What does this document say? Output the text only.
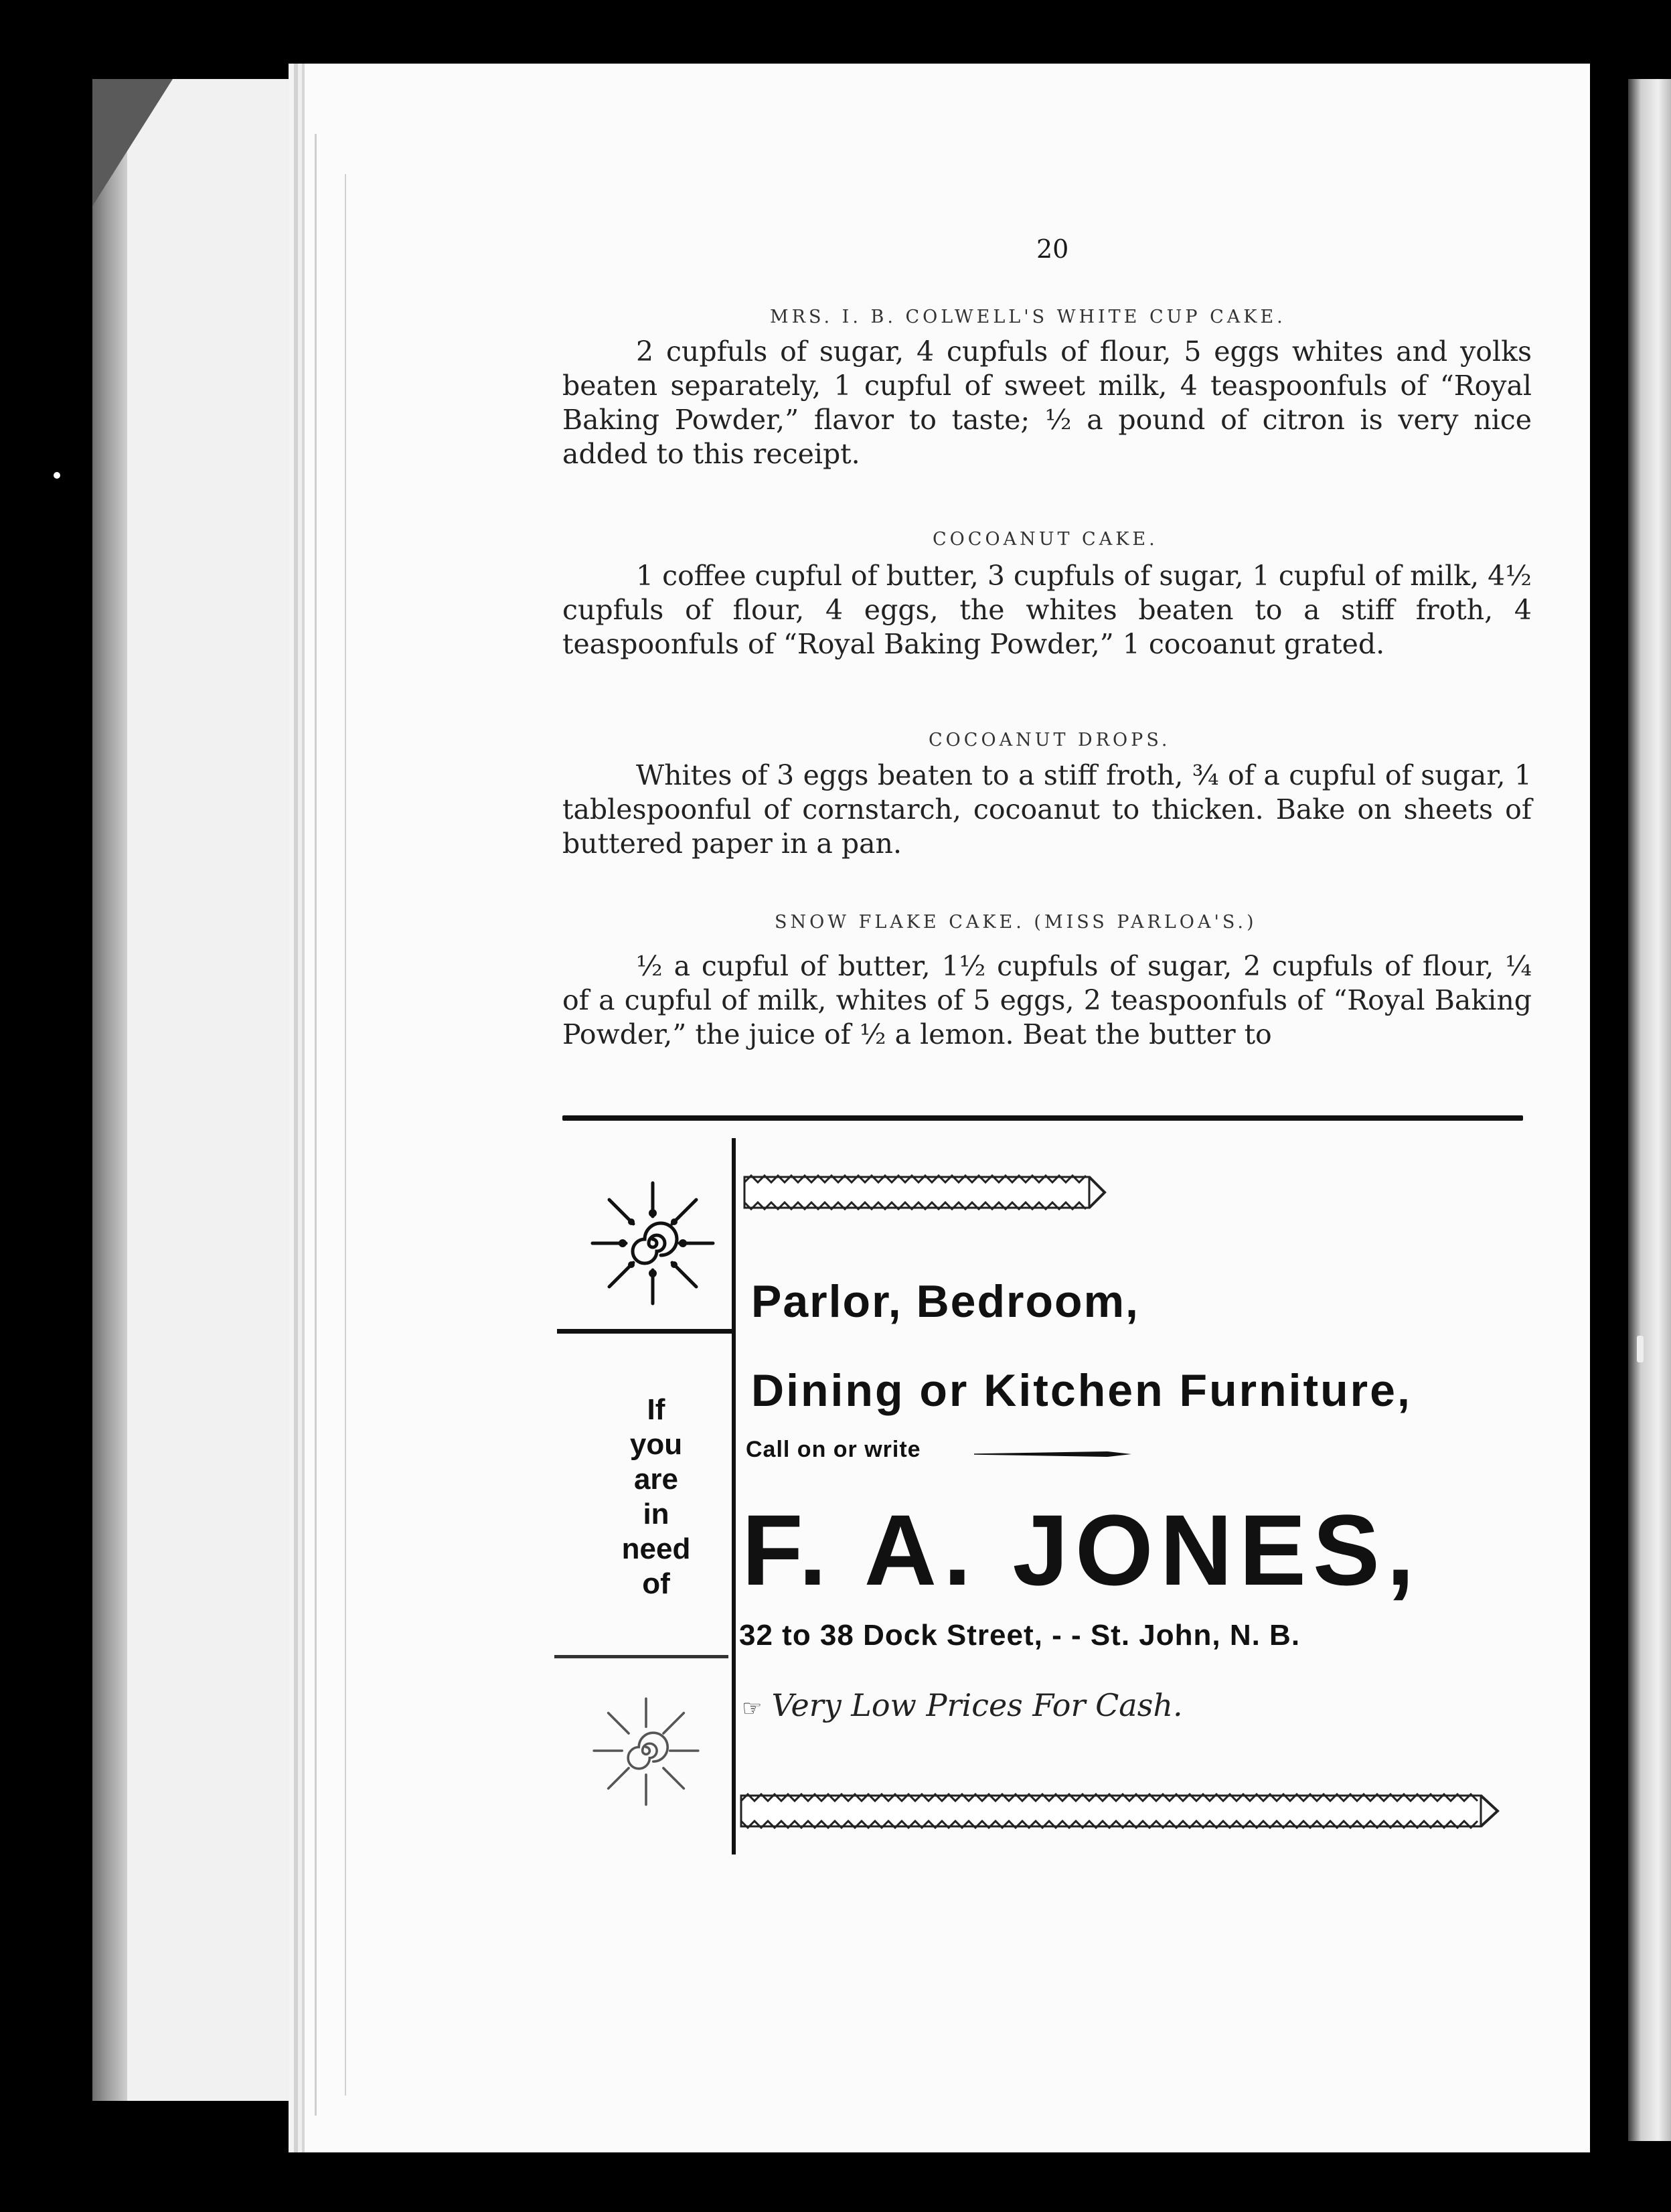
20
MRS. I. B. COLWELL'S WHITE CUP CAKE.

2 cupfuls of sugar, 4 cupfuls of flour, 5 eggs whites and yolks beaten separately, 1 cupful of sweet milk, 4 teaspoonfuls of “Royal Baking Powder,” flavor to taste; ½ a pound of citron is very nice added to this receipt.

COCOANUT CAKE.

1 coffee cupful of butter, 3 cupfuls of sugar, 1 cupful of milk, 4½ cupfuls of flour, 4 eggs, the whites beaten to a stiff froth, 4 teaspoonfuls of “Royal Baking Powder,” 1 cocoanut grated.

COCOANUT DROPS.

Whites of 3 eggs beaten to a stiff froth, ¾ of a cupful of sugar, 1 tablespoonful of cornstarch, cocoanut to thicken. Bake on sheets of buttered paper in a pan.

SNOW FLAKE CAKE. (MISS PARLOA'S.)

½ a cupful of butter, 1½ cupfuls of sugar, 2 cupfuls of flour, ¼ of a cupful of milk, whites of 5 eggs, 2 teaspoonfuls of “Royal Baking Powder,” the juice of ½ a lemon. Beat the butter to

If
you
are
in
need
of
Parlor, Bedroom,
Dining or Kitchen Furniture,
Call on or write
F. A. JONES,
32 to 38 Dock Street, - - St. John, N. B.
☞ Very Low Prices For Cash.
